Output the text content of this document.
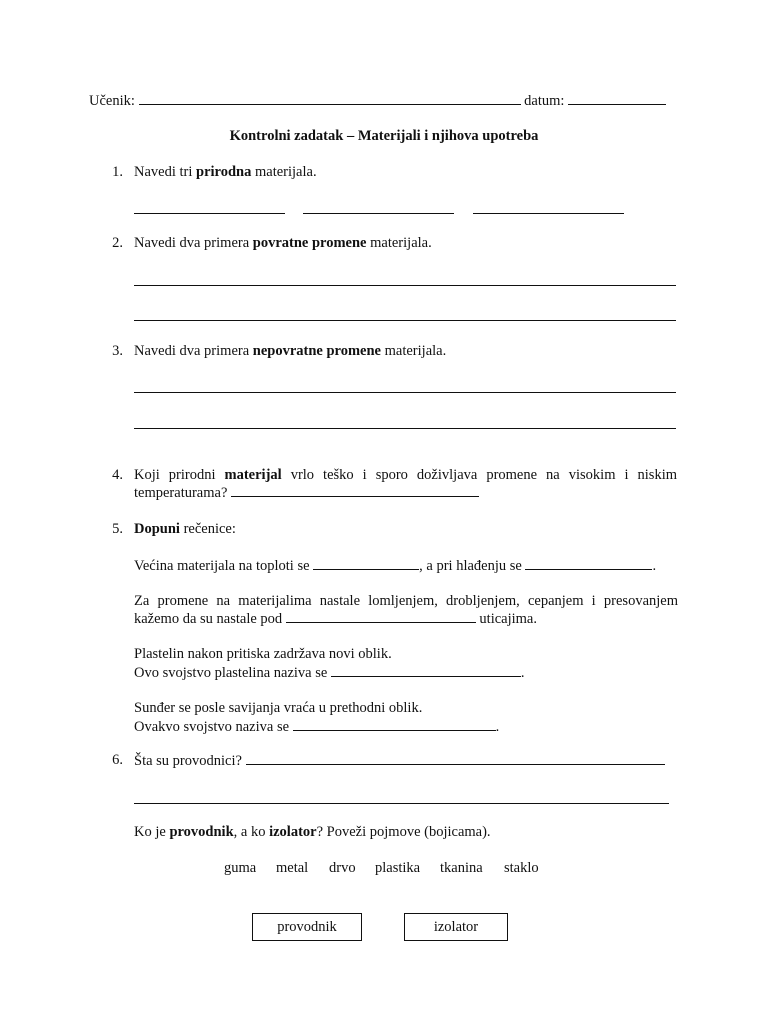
Učenik:	datum:
Kontrolni zadatak – Materijali i njihova upotreba
1. Navedi tri prirodna materijala.
2. Navedi dva primera povratne promene materijala.
3. Navedi dva primera nepovratne promene materijala.
4. Koji prirodni materijal vrlo teško i sporo doživljava promene na visokim i niskim temperaturama?
5. Dopuni rečenice:
Većina materijala na toploti se	, a pri hlađenju se	.
Za promene na materijalima nastale lomljenjem, drobljenjem, cepanjem i presovanjem kažemo da su nastale pod	uticajima.
Plastelin nakon pritiska zadržava novi oblik.
Ovo svojstvo plastelina naziva se	.
Sunđer se posle savijanja vraća u prethodni oblik.
Ovakvo svojstvo naziva se	.
6. Šta su provodnici?
Ko je provodnik, a ko izolator? Poveži pojmove (bojicama).
guma metal drvo plastika tkanina staklo
provodnik	izolator
